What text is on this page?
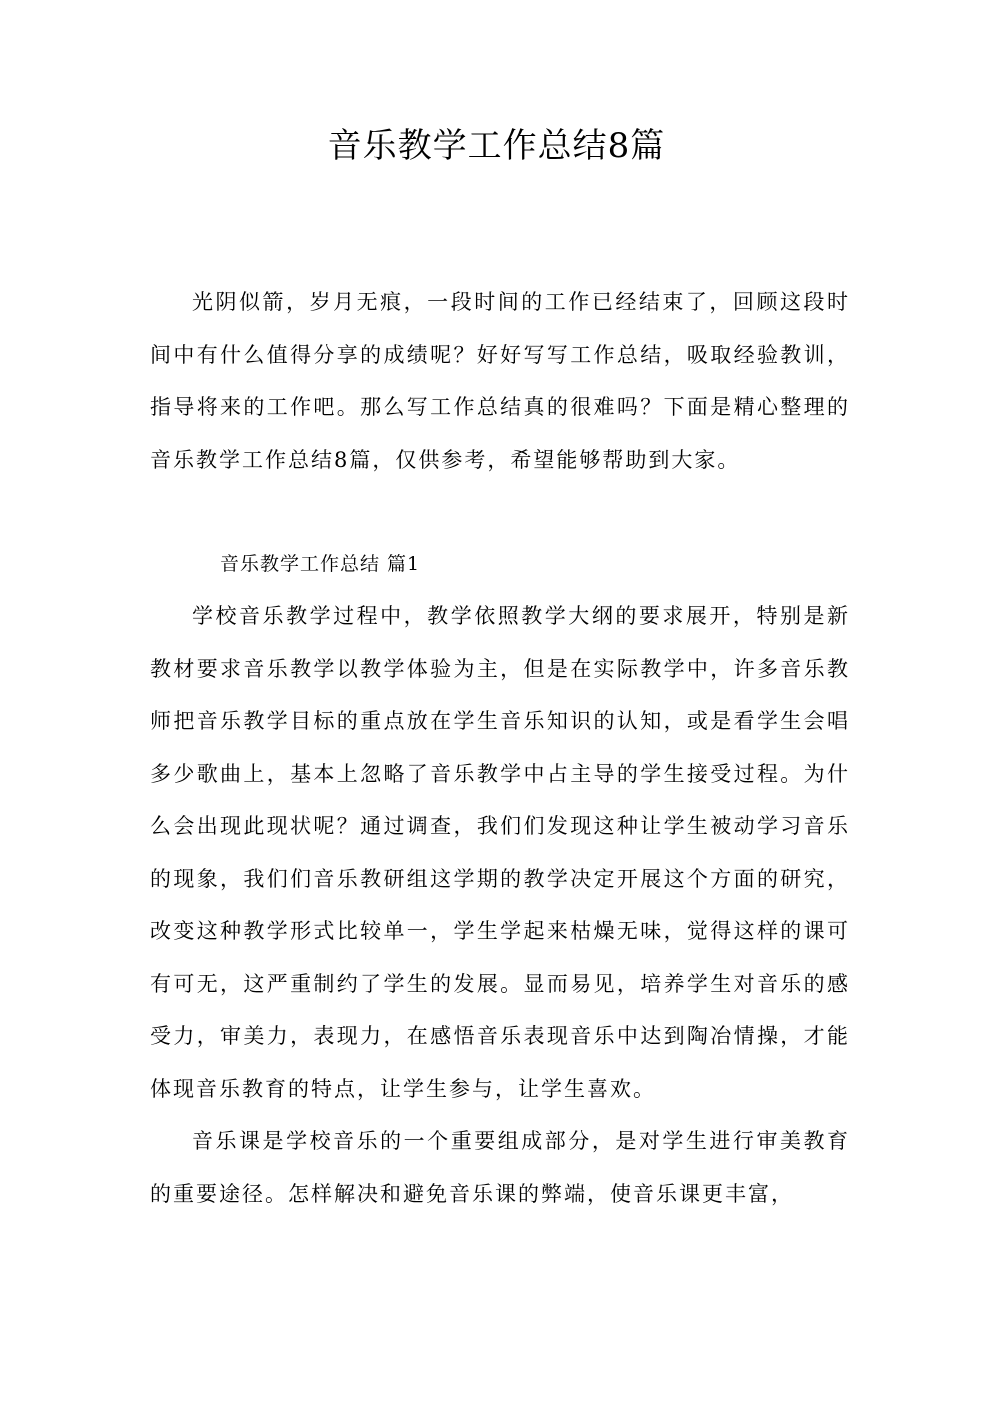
音乐教学工作总结8篇

光阴似箭，岁月无痕，一段时间的工作已经结束了，回顾这段时间中有什么值得分享的成绩呢？好好写写工作总结，吸取经验教训，指导将来的工作吧。那么写工作总结真的很难吗？下面是精心整理的音乐教学工作总结8篇，仅供参考，希望能够帮助到大家。

音乐教学工作总结 篇1

学校音乐教学过程中，教学依照教学大纲的要求展开，特别是新教材要求音乐教学以教学体验为主，但是在实际教学中，许多音乐教师把音乐教学目标的重点放在学生音乐知识的认知，或是看学生会唱多少歌曲上，基本上忽略了音乐教学中占主导的学生接受过程。为什么会出现此现状呢？通过调查，我们们发现这种让学生被动学习音乐的现象，我们们音乐教研组这学期的教学决定开展这个方面的研究，改变这种教学形式比较单一，学生学起来枯燥无味，觉得这样的课可有可无，这严重制约了学生的发展。显而易见，培养学生对音乐的感受力，审美力，表现力，在感悟音乐表现音乐中达到陶冶情操，才能体现音乐教育的特点，让学生参与，让学生喜欢。

音乐课是学校音乐的一个重要组成部分，是对学生进行审美教育的重要途径。怎样解决和避免音乐课的弊端，使音乐课更丰富，
